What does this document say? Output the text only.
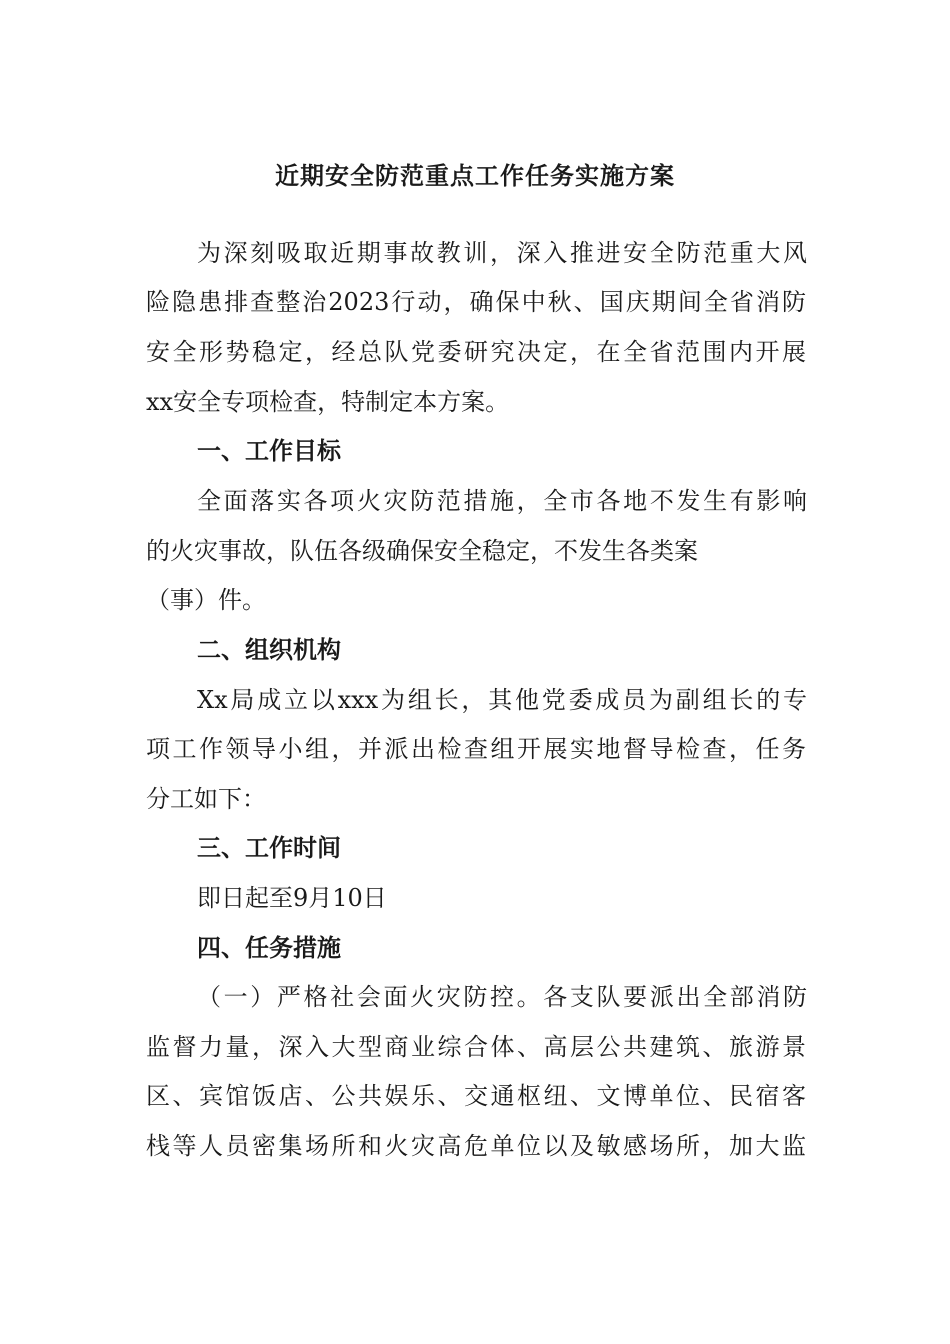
近期安全防范重点工作任务实施方案
为深刻吸取近期事故教训，深入推进安全防范重大风
险隐患排查整治2023行动，确保中秋、国庆期间全省消防
安全形势稳定，经总队党委研究决定，在全省范围内开展
xx安全专项检查，特制定本方案。
一、工作目标
全面落实各项火灾防范措施，全市各地不发生有影响
的火灾事故，队伍各级确保安全稳定，不发生各类案
（事）件。
二、组织机构
Xx局成立以xxx为组长，其他党委成员为副组长的专
项工作领导小组，并派出检查组开展实地督导检查，任务
分工如下：
三、工作时间
即日起至9月10日
四、任务措施
（一）严格社会面火灾防控。各支队要派出全部消防
监督力量，深入大型商业综合体、高层公共建筑、旅游景
区、宾馆饭店、公共娱乐、交通枢纽、文博单位、民宿客
栈等人员密集场所和火灾高危单位以及敏感场所，加大监
